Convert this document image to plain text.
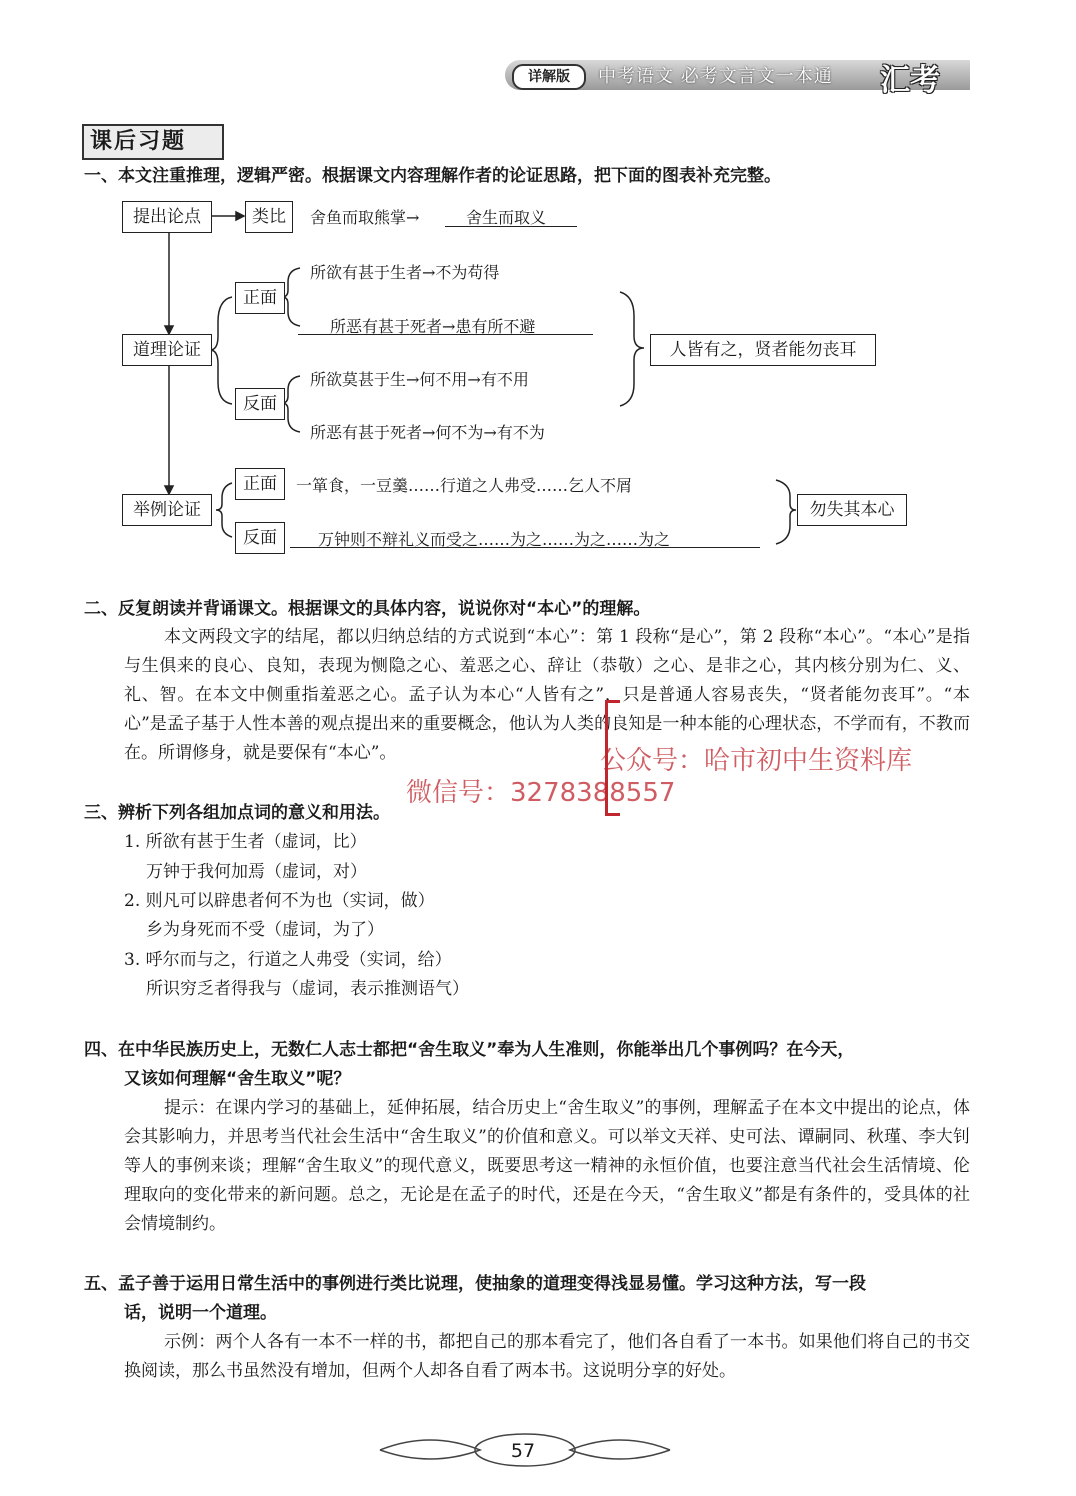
详解版	中考语文 必考文言文一本通 汇考
课后习题
一、本文注重推理，逻辑严密。根据课文内容理解作者的论证思路，把下面的图表补充完整。
提出论点	类比	舍鱼而取熊掌→	舍生而取义
道理论证
正面
反面
所欲有甚于生者→不为苟得
所恶有甚于死者→患有所不避
所欲莫甚于生→何不用→有不用
所恶有甚于死者→何不为→有不为
人皆有之，贤者能勿丧耳
举例论证
正面
反面
一箪食，一豆羹……行道之人弗受……乞人不屑
万钟则不辩礼义而受之……为之……为之……为之
勿失其本心
二、反复朗读并背诵课文。根据课文的具体内容，说说你对“本心”的理解。
本文两段文字的结尾，都以归纳总结的方式说到“本心”：第 1 段称“是心”，第 2 段称“本心”。“本心”是指与生俱来的良心、良知，表现为恻隐之心、羞恶之心、辞让（恭敬）之心、是非之心，其内核分别为仁、义、礼、智。在本文中侧重指羞恶之心。孟子认为本心“人皆有之”，只是普通人容易丧失，“贤者能勿丧耳”。“本心”是孟子基于人性本善的观点提出来的重要概念，他认为人类的良知是一种本能的心理状态，不学而有，不教而在。所谓修身，就是要保有“本心”。	公众号：哈市初中生资料库
微信号：3278388557
三、辨析下列各组加点词的意义和用法。
1. 所欲有甚于生者（虚词，比）
万钟于我何加焉（虚词，对）
2. 则凡可以辟患者何不为也（实词，做）
乡为身死而不受（虚词，为了）
3. 呼尔而与之，行道之人弗受（实词，给）
所识穷乏者得我与（虚词，表示推测语气）
四、在中华民族历史上，无数仁人志士都把“舍生取义”奉为人生准则，你能举出几个事例吗？在今天，
又该如何理解“舍生取义”呢？
提示：在课内学习的基础上，延伸拓展，结合历史上“舍生取义”的事例，理解孟子在本文中提出的论点，体会其影响力，并思考当代社会生活中“舍生取义”的价值和意义。可以举文天祥、史可法、谭嗣同、秋瑾、李大钊等人的事例来谈；理解“舍生取义”的现代意义，既要思考这一精神的永恒价值，也要注意当代社会生活情境、伦理取向的变化带来的新问题。总之，无论是在孟子的时代，还是在今天，“舍生取义”都是有条件的，受具体的社会情境制约。
五、孟子善于运用日常生活中的事例进行类比说理，使抽象的道理变得浅显易懂。学习这种方法，写一段
话，说明一个道理。
示例：两个人各有一本不一样的书，都把自己的那本看完了，他们各自看了一本书。如果他们将自己的书交换阅读，那么书虽然没有增加，但两个人却各自看了两本书。这说明分享的好处。
57
